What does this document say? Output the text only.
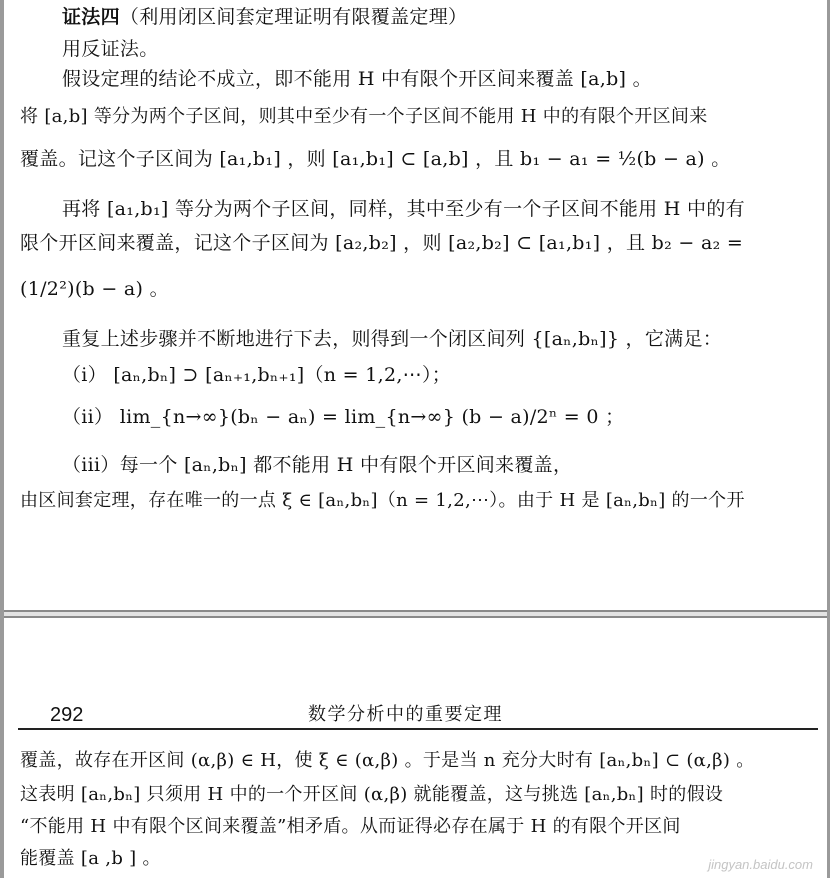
证法四（利用闭区间套定理证明有限覆盖定理）
用反证法。
假设定理的结论不成立，即不能用 H 中有限个开区间来覆盖 [a,b] 。
将 [a,b] 等分为两个子区间，则其中至少有一个子区间不能用 H 中的有限个开区间来
覆盖。记这个子区间为 [a₁,b₁] ，则 [a₁,b₁] ⊂ [a,b] ，且 b₁ − a₁ = ½(b − a) 。
再将 [a₁,b₁] 等分为两个子区间，同样，其中至少有一个子区间不能用 H 中的有
限个开区间来覆盖，记这个子区间为 [a₂,b₂] ，则 [a₂,b₂] ⊂ [a₁,b₁] ，且 b₂ − a₂ =
(1/2²)(b − a) 。
重复上述步骤并不断地进行下去，则得到一个闭区间列 {[aₙ,bₙ]} ，它满足：
（i） [aₙ,bₙ] ⊃ [aₙ₊₁,bₙ₊₁]（n = 1,2,⋯）；
（ii） lim_{n→∞}(bₙ − aₙ) = lim_{n→∞} (b − a)/2ⁿ = 0 ；
（iii）每一个 [aₙ,bₙ] 都不能用 H 中有限个开区间来覆盖，
由区间套定理，存在唯一的一点 ξ ∈ [aₙ,bₙ]（n = 1,2,⋯）。由于 H 是 [aₙ,bₙ] 的一个开
292	数学分析中的重要定理
覆盖，故存在开区间 (α,β) ∈ H，使 ξ ∈ (α,β) 。于是当 n 充分大时有 [aₙ,bₙ] ⊂ (α,β) 。
这表明 [aₙ,bₙ] 只须用 H 中的一个开区间 (α,β) 就能覆盖，这与挑选 [aₙ,bₙ] 时的假设
“不能用 H 中有限个区间来覆盖”相矛盾。从而证得必存在属于 H 的有限个开区间
能覆盖 [a ,b ] 。	jingyan.baidu.com
